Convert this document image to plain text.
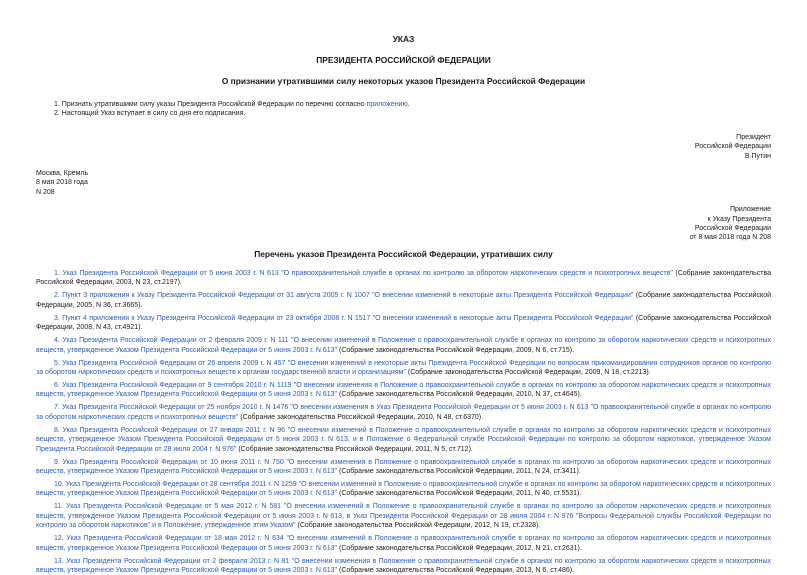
УКАЗ

ПРЕЗИДЕНТА РОССИЙСКОЙ ФЕДЕРАЦИИ

О признании утратившими силу некоторых указов Президента Российской Федерации

1. Признать утратившими силу указы Президента Российской Федерации по перечню согласно приложению.

2. Настоящий Указ вступает в силу со дня его подписания.

Президент

Российской Федерации

В.Путин

Москва, Кремль

8 мая 2018 года

N 208

Приложение

к Указу Президента

Российской Федерации

от 8 мая 2018 года N 208

Перечень указов Президента Российской Федерации, утративших силу

1. Указ Президента Российской Федерации от 5 июня 2003 г. N 613 "О правоохранительной службе в органах по контролю за оборотом наркотических средств и психотропных веществ" (Собрание законодательства Российской Федерации, 2003, N 23, ст.2197).

2. Пункт 3 приложения к Указу Президента Российской Федерации от 31 августа 2005 г. N 1007 "О внесении изменений в некоторые акты Президента Российской Федерации" (Собрание законодательства Российской Федерации, 2005, N 36, ст.3665).

3. Пункт 4 приложения к Указу Президента Российской Федерации от 23 октября 2008 г. N 1517 "О внесении изменений в некоторые акты Президента Российской Федерации" (Собрание законодательства Российской Федерации, 2008, N 43, ст.4921).

4. Указ Президента Российской Федерации от 2 февраля 2009 г. N 111 "О внесении изменений в Положение о правоохранительной службе в органах по контролю за оборотом наркотических средств и психотропных веществ, утвержденное Указом Президента Российской Федерации от 5 июня 2003 г. N 613" (Собрание законодательства Российской Федерации, 2009, N 6, ст.715).

5. Указ Президента Российской Федерации от 26 апреля 2009 г. N 457 "О внесении изменений в некоторые акты Президента Российской Федерации по вопросам прикомандирования сотрудников органов по контролю за оборотом наркотических средств и психотропных веществ к органам государственной власти и организациям" (Собрание законодательства Российской Федерации, 2009, N 18, ст.2213).

6. Указ Президента Российской Федерации от 9 сентября 2010 г. N 1119 "О внесении изменения в Положение о правоохранительной службе в органах по контролю за оборотом наркотических средств и психотропных веществ, утвержденное Указом Президента Российской Федерации от 5 июня 2003 г. N 613" (Собрание законодательства Российской Федерации, 2010, N 37, ст.4645).

7. Указ Президента Российской Федерации от 25 ноября 2010 г. N 1476 "О внесении изменения в Указ Президента Российской Федерации от 5 июня 2003 г. N 613 "О правоохранительной службе в органах по контролю за оборотом наркотических средств и психотропных веществ" (Собрание законодательства Российской Федерации, 2010, N 48, ст.6370).

8. Указ Президента Российской Федерации от 27 января 2011 г. N 96 "О внесении изменений в Положение о правоохранительной службе в органах по контролю за оборотом наркотических средств и психотропных веществ, утвержденное Указом Президента Российской Федерации от 5 июня 2003 г. N 613, и в Положение о Федеральной службе Российской Федерации по контролю за оборотом наркотиков, утвержденное Указом Президента Российской Федерации от 28 июля 2004 г. N 976" (Собрание законодательства Российской Федерации, 2011, N 5, ст.712).

9. Указ Президента Российской Федерации от 10 июня 2011 г. N 750 "О внесении изменения в Положение о правоохранительной службе в органах по контролю за оборотом наркотических средств и психотропных веществ, утвержденное Указом Президента Российской Федерации от 5 июня 2003 г. N 613" (Собрание законодательства Российской Федерации, 2011, N 24, ст.3411).

10. Указ Президента Российской Федерации от 28 сентября 2011 г. N 1259 "О внесении изменений в Положение о правоохранительной службе в органах по контролю за оборотом наркотических средств и психотропных веществ, утвержденное Указом Президента Российской Федерации от 5 июня 2003 г. N 613" (Собрание законодательства Российской Федерации, 2011, N 40, ст.5531).

11. Указ Президента Российской Федерации от 5 мая 2012 г. N 581 "О внесении изменений в Положение о правоохранительной службе в органах по контролю за оборотом наркотических средств и психотропных веществ, утвержденное Указом Президента Российской Федерации от 5 июня 2003 г. N 613, в Указ Президента Российской Федерации от 28 июля 2004 г. N 976 "Вопросы Федеральной службы Российской Федерации по контролю за оборотом наркотиков" и в Положение, утвержденное этим Указом" (Собрание законодательства Российской Федерации, 2012, N 19, ст.2328).

12. Указ Президента Российской Федерации от 18 мая 2012 г. N 634 "О внесении изменений в Положение о правоохранительной службе в органах по контролю за оборотом наркотических средств и психотропных веществ, утвержденное Указом Президента Российской Федерации от 5 июня 2003 г. N 613" (Собрание законодательства Российской Федерации, 2012, N 21, ст.2631).

13. Указ Президента Российской Федерации от 2 февраля 2013 г. N 81 "О внесении изменения в Положение о правоохранительной службе в органах по контролю за оборотом наркотических средств и психотропных веществ, утвержденное Указом Президента Российской Федерации от 5 июня 2003 г. N 613" (Собрание законодательства Российской Федерации, 2013, N 6, ст.486).
